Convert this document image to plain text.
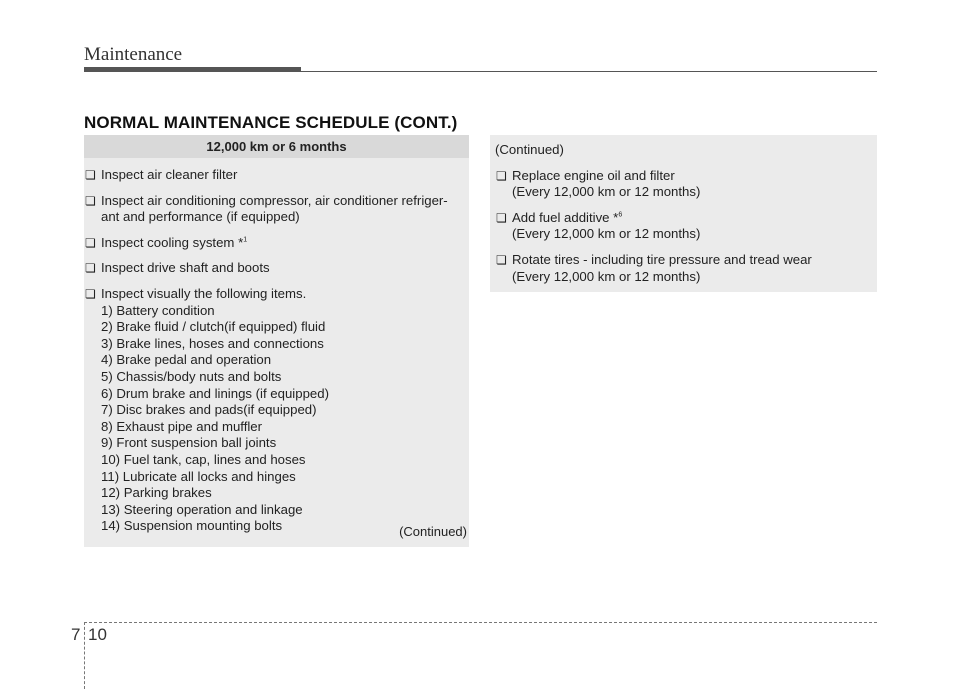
Maintenance
NORMAL MAINTENANCE SCHEDULE (CONT.)
12,000 km or 6 months
❏ Inspect air cleaner filter
❏ Inspect air conditioning compressor, air conditioner refriger-
ant and performance (if equipped)
❏ Inspect cooling system *$^1$
❏ Inspect drive shaft and boots
❏ Inspect visually the following items.
1) Battery condition
2) Brake fluid / clutch(if equipped) fluid
3) Brake lines, hoses and connections
4) Brake pedal and operation
5) Chassis/body nuts and bolts
6) Drum brake and linings (if equipped)
7) Disc brakes and pads(if equipped)
8) Exhaust pipe and muffler
9) Front suspension ball joints
10) Fuel tank, cap, lines and hoses
11) Lubricate all locks and hinges
12) Parking brakes
13) Steering operation and linkage
14) Suspension mounting bolts	(Continued)
(Continued)
❏ Replace engine oil and filter
(Every 12,000 km or 12 months)
❏ Add fuel additive *$^6$
(Every 12,000 km or 12 months)
❏ Rotate tires - including tire pressure and tread wear
(Every 12,000 km or 12 months)
7 10
